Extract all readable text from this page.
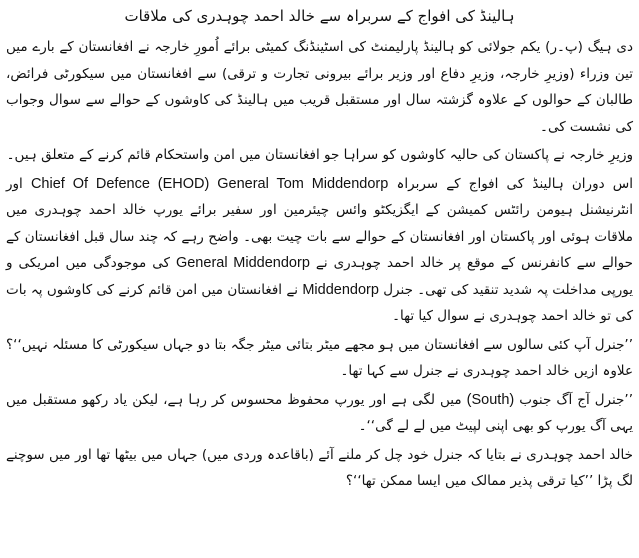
ہالینڈ کی افواج کے سربراہ سے خالد احمد چوہدری کی ملاقات

دی ہیگ (پ۔ر) یکم جولائی کو ہالینڈ پارلیمنٹ کی اسٹینڈنگ کمیٹی برائے اُمورِ خارجہ نے افغانستان کے بارے میں تین وزراء (وزیرِ خارجہ، وزیرِ دفاع اور وزیر برائے بیرونی تجارت و ترقی) سے افغانستان میں سیکورٹی فرائض، طالبان کے حوالوں کے علاوہ گزشتہ سال اور مستقبل قریب میں ہالینڈ کی کاوشوں کے حوالے سے سوال وجواب کی نشست کی۔

وزیرِ خارجہ نے پاکستان کی حالیہ کاوشوں کو سراہا جو افغانستان میں امن واستحکام قائم کرنے کے متعلق ہیں۔

اس دوران ہالینڈ کی افواج کے سربراہ Chief Of Defence (EHOD) General Tom Middendorp اور انٹرنیشنل ہیومن رائٹس کمیشن کے ایگزیکٹو وائس چیئرمین اور سفیر برائے یورپ خالد احمد چوہدری میں ملاقات ہوئی اور پاکستان اور افغانستان کے حوالے سے بات چیت بھی۔ واضح رہے کہ چند سال قبل افغانستان کے حوالے سے کانفرنس کے موقع پر خالد احمد چوہدری نے General Middendorp کی موجودگی میں امریکی و یورپی مداخلت پہ شدید تنقید کی تھی۔ جنرل Middendorp نے افغانستان میں امن قائم کرنے کی کاوشوں پہ بات کی تو خالد احمد چوہدری نے سوال کیا تھا۔

’’جنرل آپ کئی سالوں سے افغانستان میں ہو مجھے میٹر بتائی میٹر جگہ بتا دو جہاں سیکورٹی کا مسئلہ نہیں‘‘؟ علاوہ ازیں خالد احمد چوہدری نے جنرل سے کہا تھا۔

’’جنرل آج آگ جنوب (South) میں لگی ہے اور یورپ محفوظ محسوس کر رہا ہے، لیکن یاد رکھو مستقبل میں یہی آگ یورپ کو بھی اپنی لپیٹ میں لے لے گی‘‘۔

خالد احمد چوہدری نے بتایا کہ جنرل خود چل کر ملنے آئے (باقاعدہ وردی میں) جہاں میں بیٹھا تھا اور میں سوچنے لگ پڑا ’’کیا ترقی پذیر ممالک میں ایسا ممکن تھا‘‘؟
